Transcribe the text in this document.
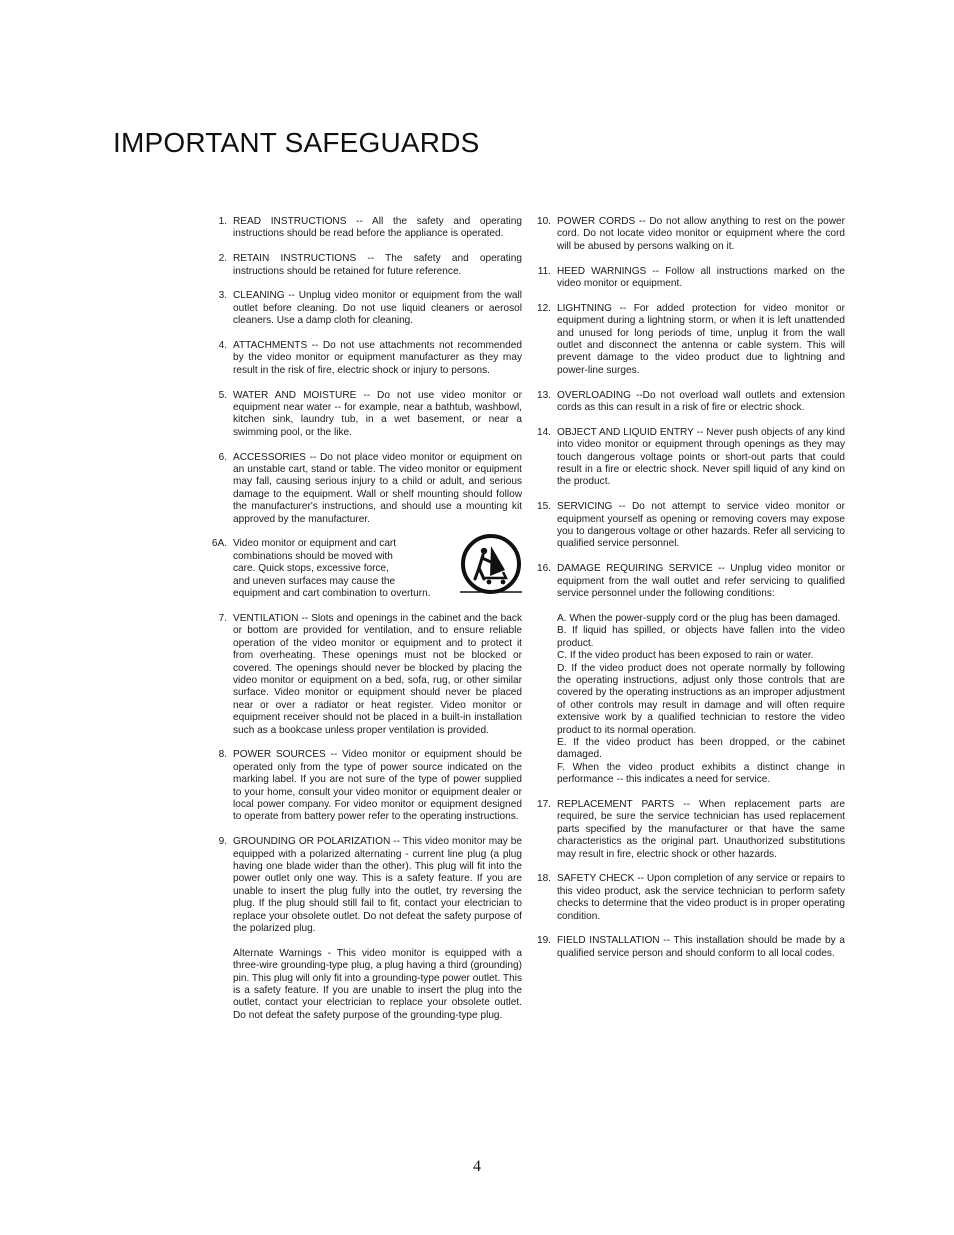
IMPORTANT SAFEGUARDS
1. READ INSTRUCTIONS -- All the safety and operating instructions should be read before the appliance is operated.
2. RETAIN INSTRUCTIONS -- The safety and operating instructions should be retained for future reference.
3. CLEANING -- Unplug video monitor or equipment from the wall outlet before cleaning. Do not use liquid cleaners or aerosol cleaners. Use a damp cloth for cleaning.
4. ATTACHMENTS -- Do not use attachments not recommended by the video monitor or equipment manufacturer as they may result in the risk of fire, electric shock or injury to persons.
5. WATER AND MOISTURE -- Do not use video monitor or equipment near water -- for example, near a bathtub, washbowl, kitchen sink, laundry tub, in a wet basement, or near a swimming pool, or the like.
6. ACCESSORIES -- Do not place video monitor or equipment on an unstable cart, stand or table. The video monitor or equipment may fall, causing serious injury to a child or adult, and serious damage to the equipment. Wall or shelf mounting should follow the manufacturer's instructions, and should use a mounting kit approved by the manufacturer.
6A. Video monitor or equipment and cart
combinations should be moved with
care. Quick stops, excessive force,
and uneven surfaces may cause the
equipment and cart combination to overturn.
7. VENTILATION -- Slots and openings in the cabinet and the back or bottom are provided for ventilation, and to ensure reliable operation of the video monitor or equipment and to protect it from overheating. These openings must not be blocked or covered. The openings should never be blocked by placing the video monitor or equipment on a bed, sofa, rug, or other similar surface. Video monitor or equipment should never be placed near or over a radiator or heat register. Video monitor or equipment receiver should not be placed in a built-in installation such as a bookcase unless proper ventilation is provided.
8. POWER SOURCES -- Video monitor or equipment should be operated only from the type of power source indicated on the marking label. If you are not sure of the type of power supplied to your home, consult your video monitor or equipment dealer or local power company. For video monitor or equipment designed to operate from battery power refer to the operating instructions.
9. GROUNDING OR POLARIZATION -- This video monitor may be equipped with a polarized alternating - current line plug (a plug having one blade wider than the other). This plug will fit into the power outlet only one way. This is a safety feature. If you are unable to insert the plug fully into the outlet, try reversing the plug. If the plug should still fail to fit, contact your electrician to replace your obsolete outlet. Do not defeat the safety purpose of the polarized plug.

Alternate Warnings - This video monitor is equipped with a three-wire grounding-type plug, a plug having a third (grounding) pin. This plug will only fit into a grounding-type power outlet. This is a safety feature. If you are unable to insert the plug into the outlet, contact your electrician to replace your obsolete outlet. Do not defeat the safety purpose of the grounding-type plug.

10. POWER CORDS -- Do not allow anything to rest on the power cord. Do not locate video monitor or equipment where the cord will be abused by persons walking on it.
11. HEED WARNINGS -- Follow all instructions marked on the video monitor or equipment.
12. LIGHTNING -- For added protection for video monitor or equipment during a lightning storm, or when it is left unattended and unused for long periods of time, unplug it from the wall outlet and disconnect the antenna or cable system. This will prevent damage to the video product due to lightning and power-line surges.
13. OVERLOADING --Do not overload wall outlets and extension cords as this can result in a risk of fire or electric shock.
14. OBJECT AND LIQUID ENTRY -- Never push objects of any kind into video monitor or equipment through openings as they may touch dangerous voltage points or short-out parts that could result in a fire or electric shock. Never spill liquid of any kind on the product.
15. SERVICING -- Do not attempt to service video monitor or equipment yourself as opening or removing covers may expose you to dangerous voltage or other hazards. Refer all servicing to qualified service personnel.
16. DAMAGE REQUIRING SERVICE -- Unplug video monitor or equipment from the wall outlet and refer servicing to qualified service personnel under the following conditions:

A. When the power-supply cord or the plug has been damaged.

B. If liquid has spilled, or objects have fallen into the video product.

C. If the video product has been exposed to rain or water.

D. If the video product does not operate normally by following the operating instructions, adjust only those controls that are covered by the operating instructions as an improper adjustment of other controls may result in damage and will often require extensive work by a qualified technician to restore the video product to its normal operation.

E. If the video product has been dropped, or the cabinet damaged.

F. When the video product exhibits a distinct change in performance -- this indicates a need for service.

17. REPLACEMENT PARTS -- When replacement parts are required, be sure the service technician has used replacement parts specified by the manufacturer or that have the same characteristics as the original part. Unauthorized substitutions may result in fire, electric shock or other hazards.
18. SAFETY CHECK -- Upon completion of any service or repairs to this video product, ask the service technician to perform safety checks to determine that the video product is in proper operating condition.
19. FIELD INSTALLATION -- This installation should be made by a qualified service person and should conform to all local codes.
4
